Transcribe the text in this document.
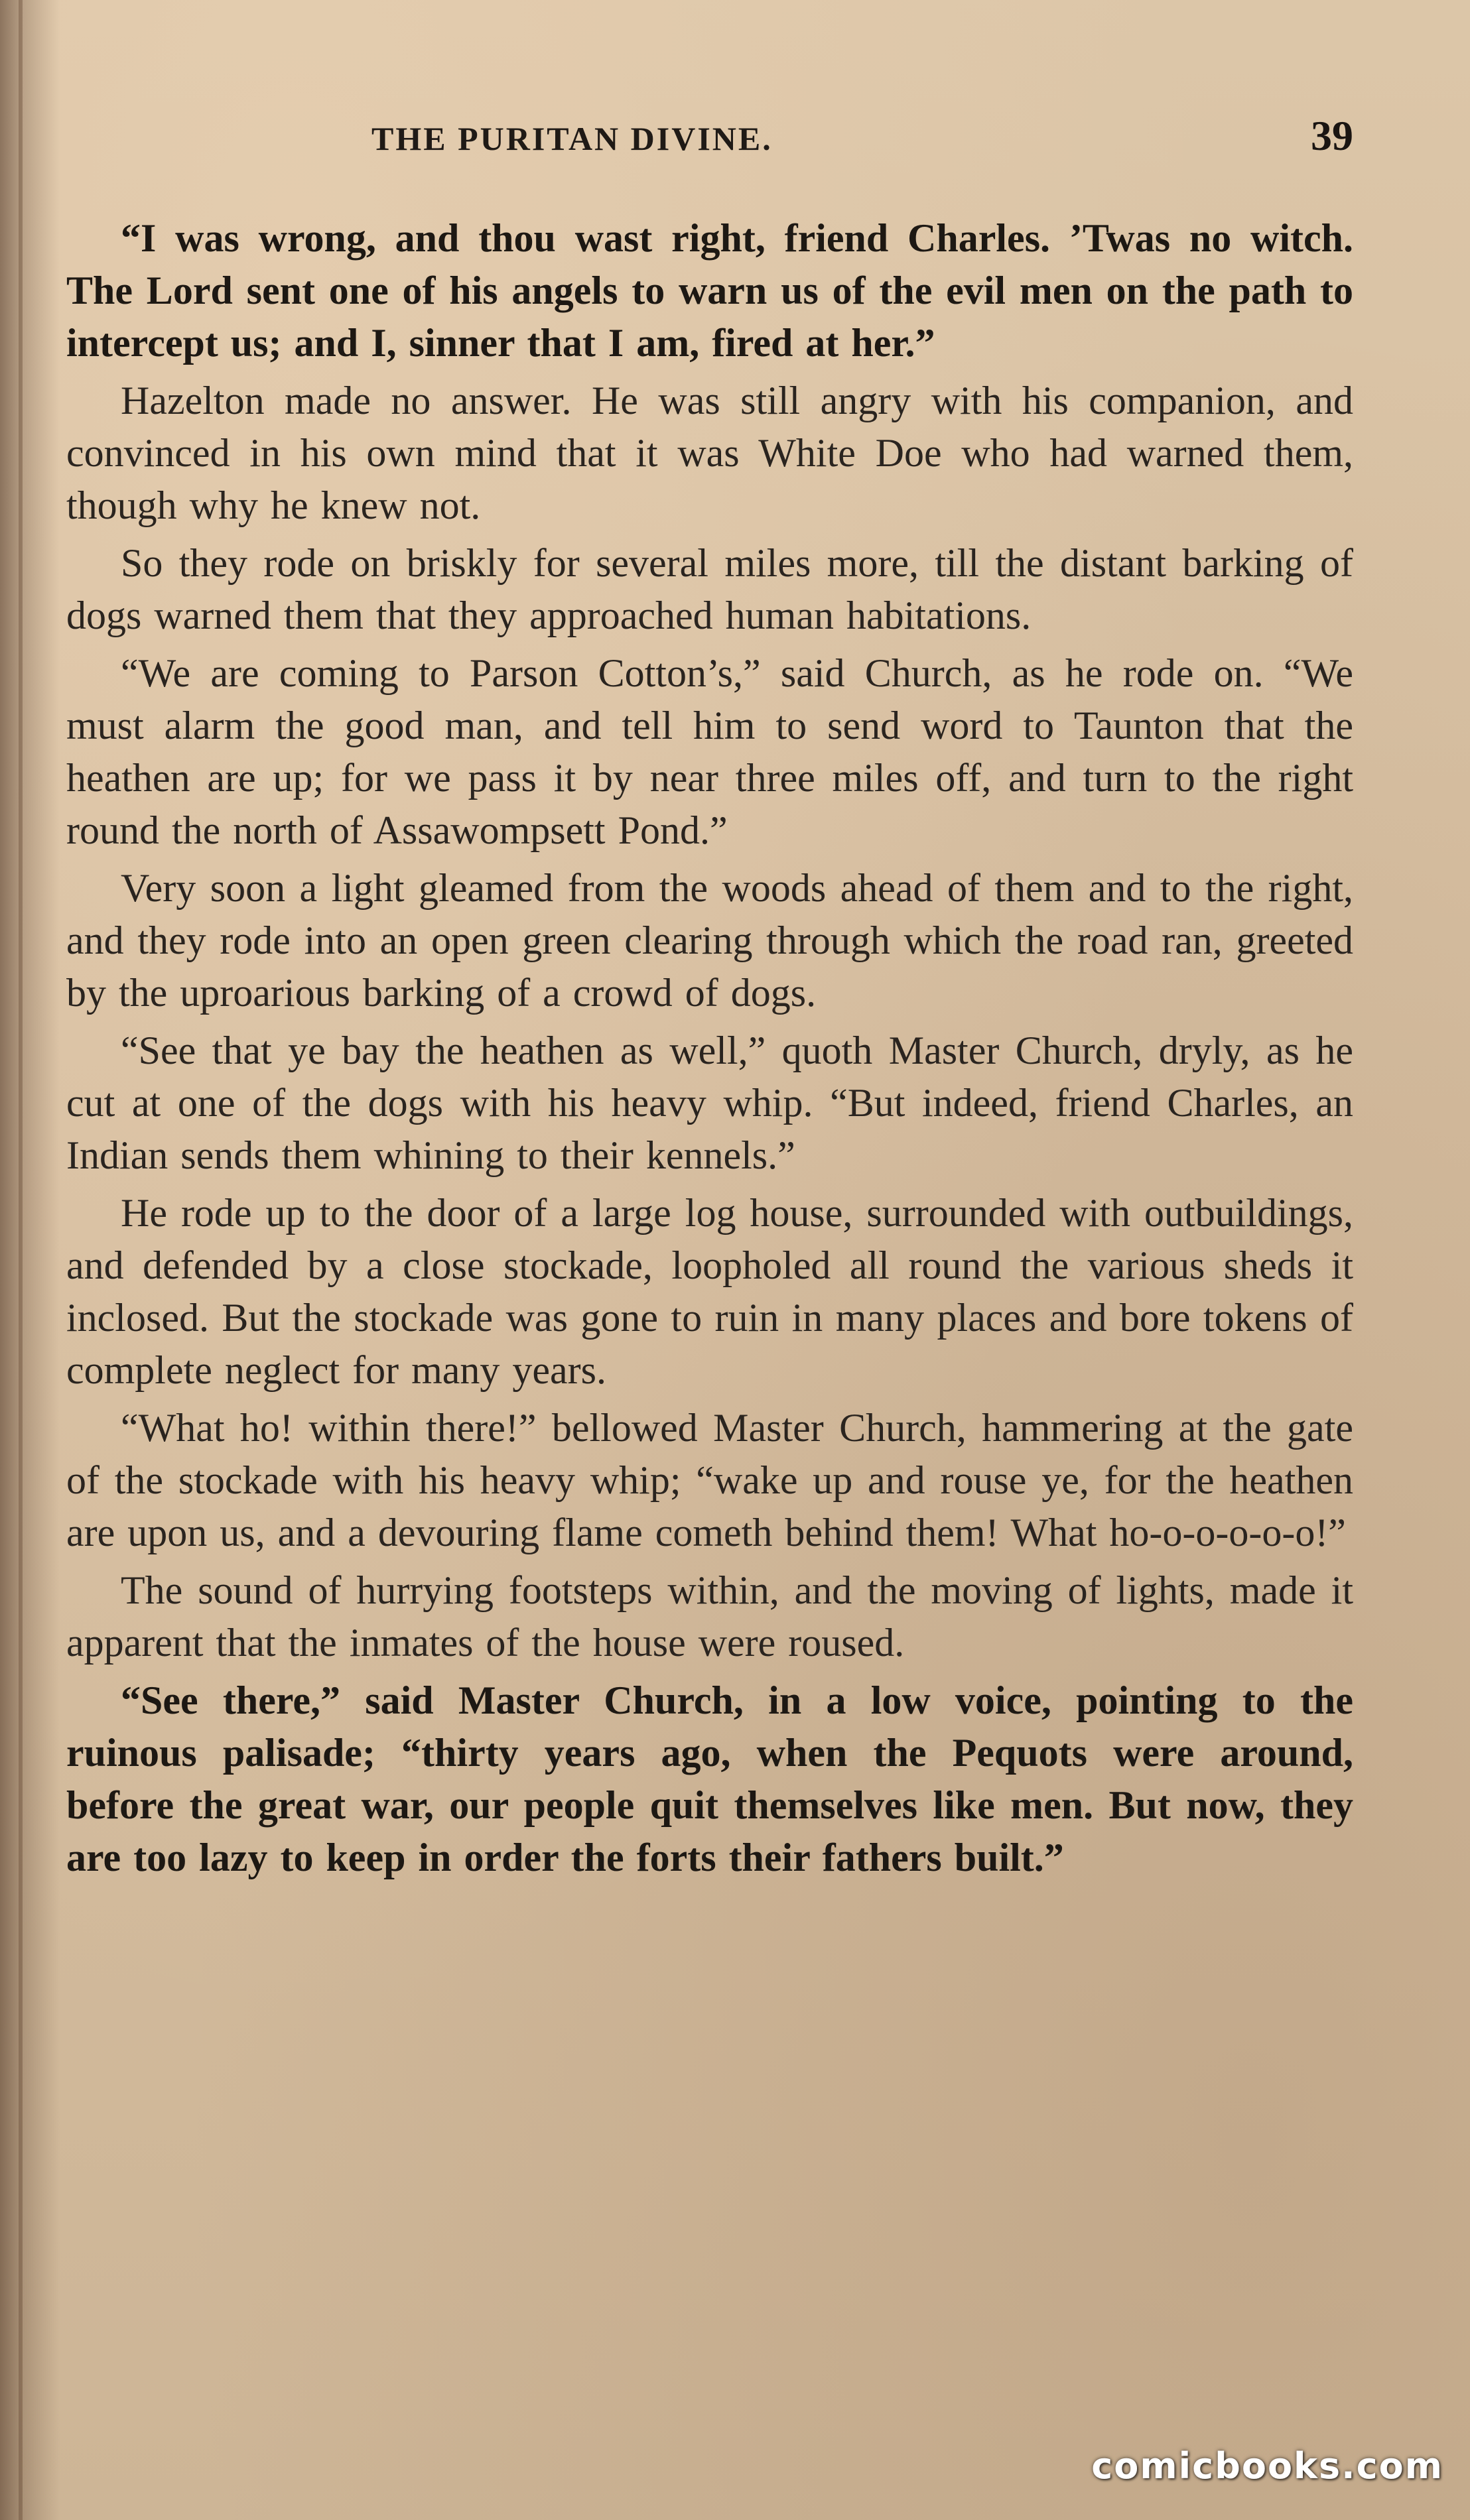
THE PURITAN DIVINE.	39

“I was wrong, and thou wast right, friend Charles. ’Twas no witch. The Lord sent one of his angels to warn us of the evil men on the path to intercept us; and I, sinner that I am, fired at her.”

Hazelton made no answer. He was still angry with his companion, and convinced in his own mind that it was White Doe who had warned them, though why he knew not.

So they rode on briskly for several miles more, till the distant barking of dogs warned them that they approached human habitations.

“We are coming to Parson Cotton’s,” said Church, as he rode on. “We must alarm the good man, and tell him to send word to Taunton that the heathen are up; for we pass it by near three miles off, and turn to the right round the north of Assawompsett Pond.”

Very soon a light gleamed from the woods ahead of them and to the right, and they rode into an open green clearing through which the road ran, greeted by the uproarious barking of a crowd of dogs.

“See that ye bay the heathen as well,” quoth Master Church, dryly, as he cut at one of the dogs with his heavy whip. “But indeed, friend Charles, an Indian sends them whining to their kennels.”

He rode up to the door of a large log house, surrounded with outbuildings, and defended by a close stockade, loopholed all round the various sheds it inclosed. But the stockade was gone to ruin in many places and bore tokens of complete neglect for many years.

“What ho! within there!” bellowed Master Church, hammering at the gate of the stockade with his heavy whip; “wake up and rouse ye, for the heathen are upon us, and a devouring flame cometh behind them! What ho-o-o-o-o-o!”

The sound of hurrying footsteps within, and the moving of lights, made it apparent that the inmates of the house were roused.

“See there,” said Master Church, in a low voice, pointing to the ruinous palisade; “thirty years ago, when the Pequots were around, before the great war, our people quit themselves like men. But now, they are too lazy to keep in order the forts their fathers built.”

comicbooks.com
